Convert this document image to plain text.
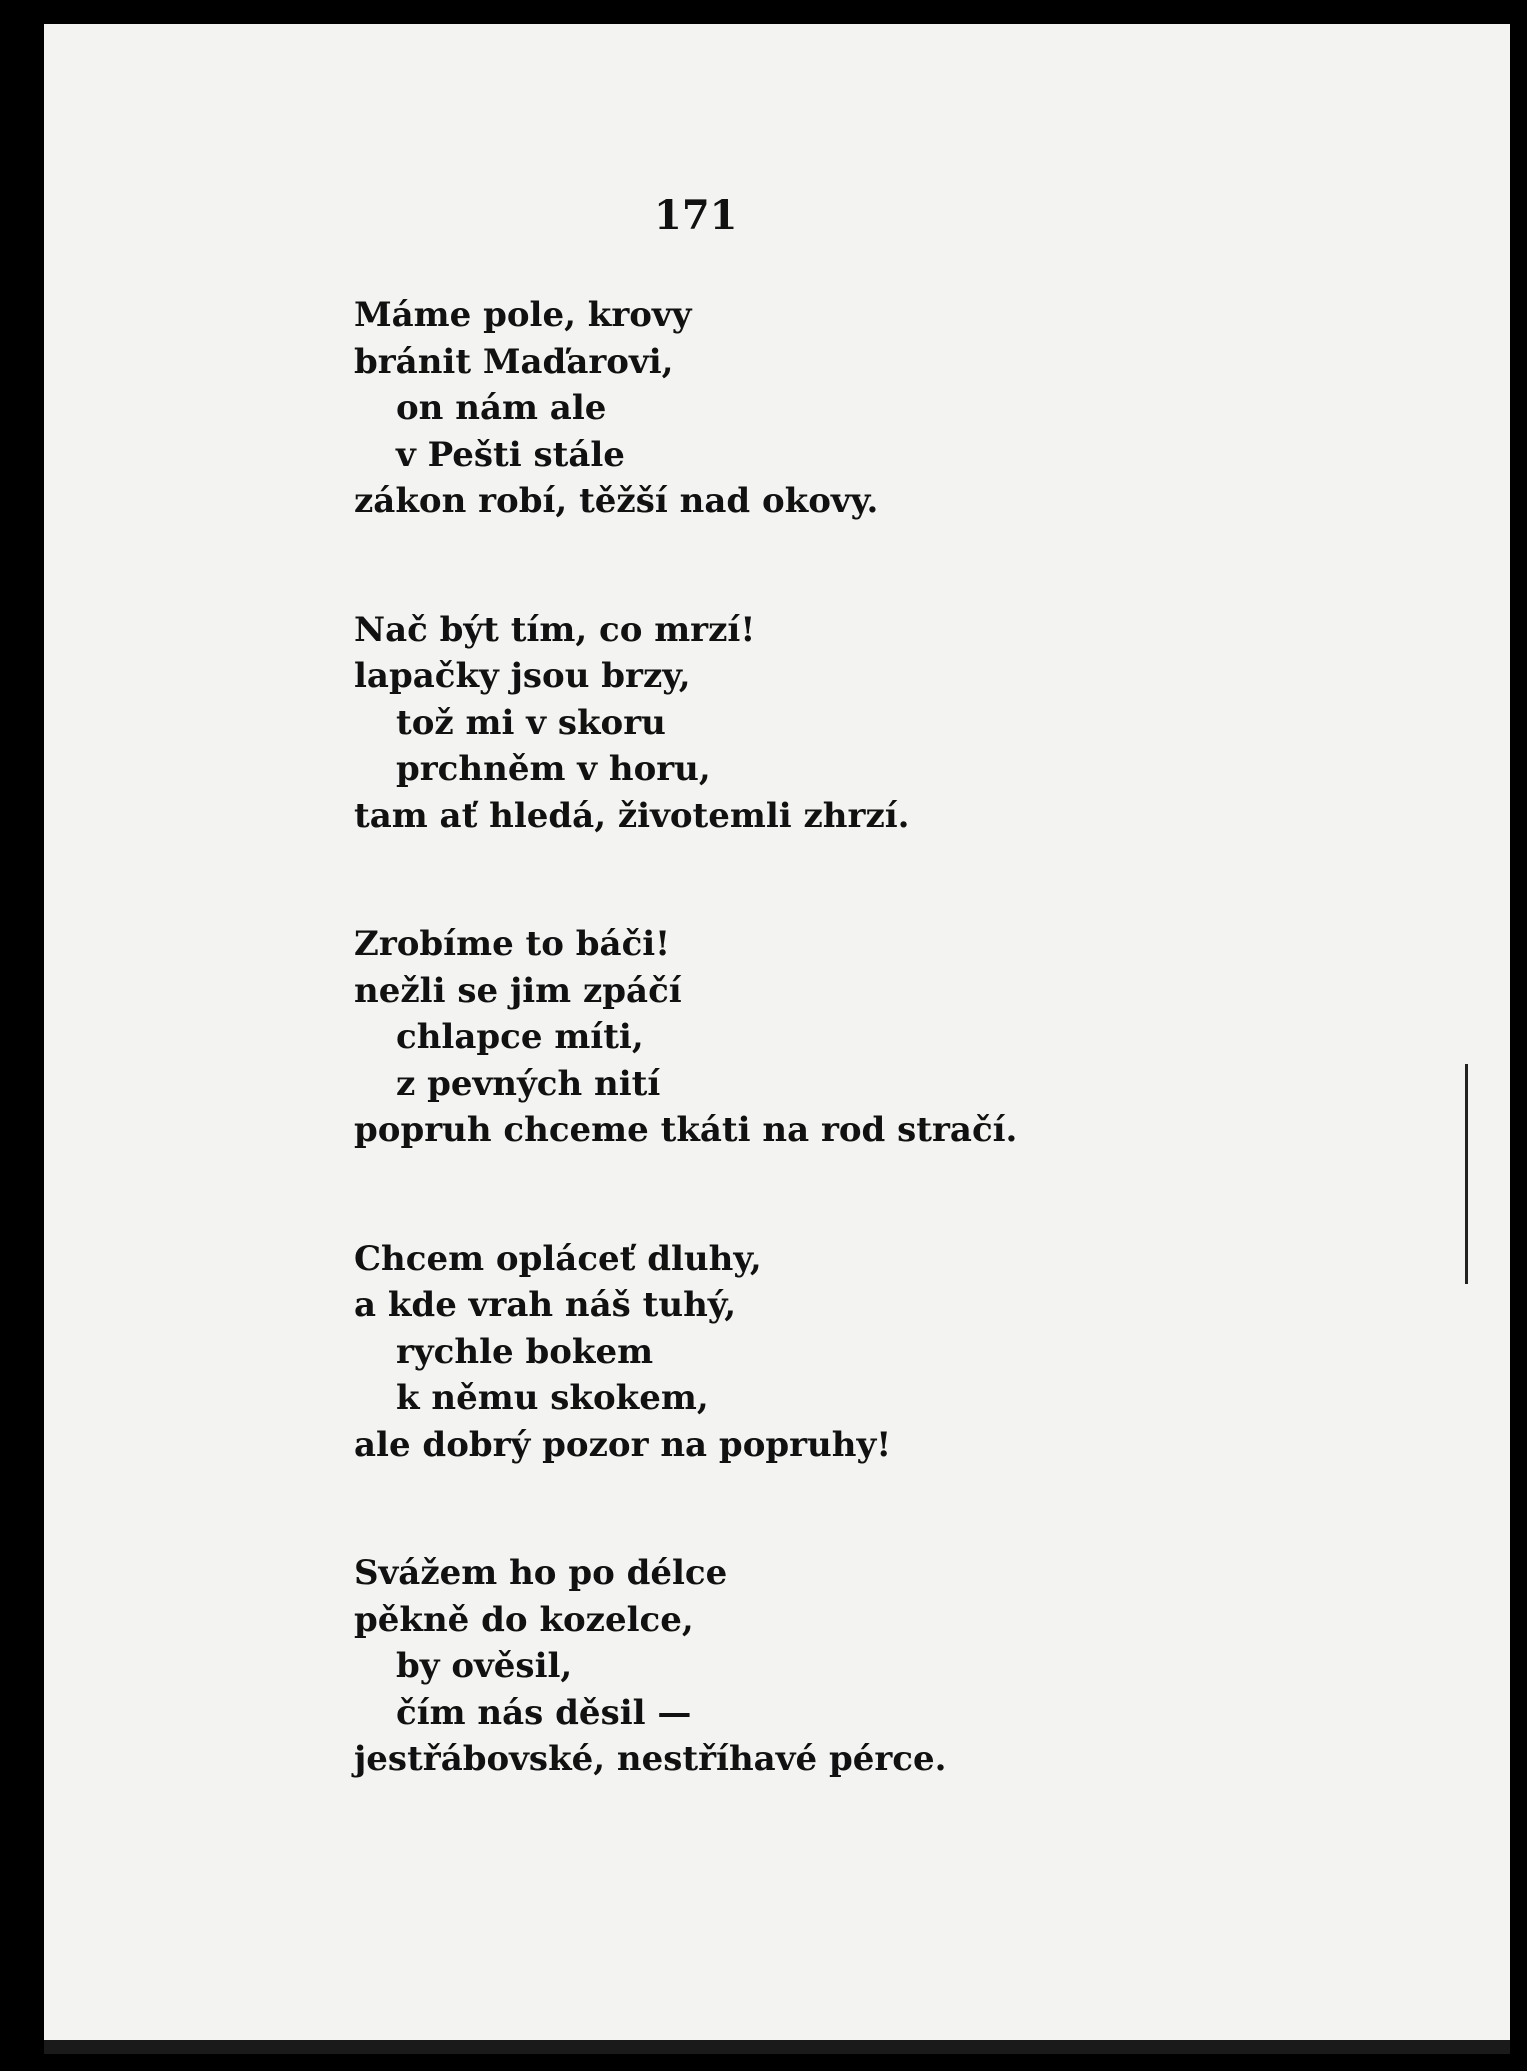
171
Máme pole, krovy
bránit Maďarovi,
on nám ale
v Pešti stále
zákon robí, těžší nad okovy.
Nač být tím, co mrzí!
lapačky jsou brzy,
tož mi v skoru
prchněm v horu,
tam ať hledá, životemli zhrzí.
Zrobíme to báči!
nežli se jim zpáčí
chlapce míti,
z pevných nití
popruh chceme tkáti na rod stračí.
Chcem opláceť dluhy,
a kde vrah náš tuhý,
rychle bokem
k němu skokem,
ale dobrý pozor na popruhy!
Svážem ho po délce
pěkně do kozelce,
by ověsil,
čím nás děsil —
jestřábovské, nestříhavé pérce.
